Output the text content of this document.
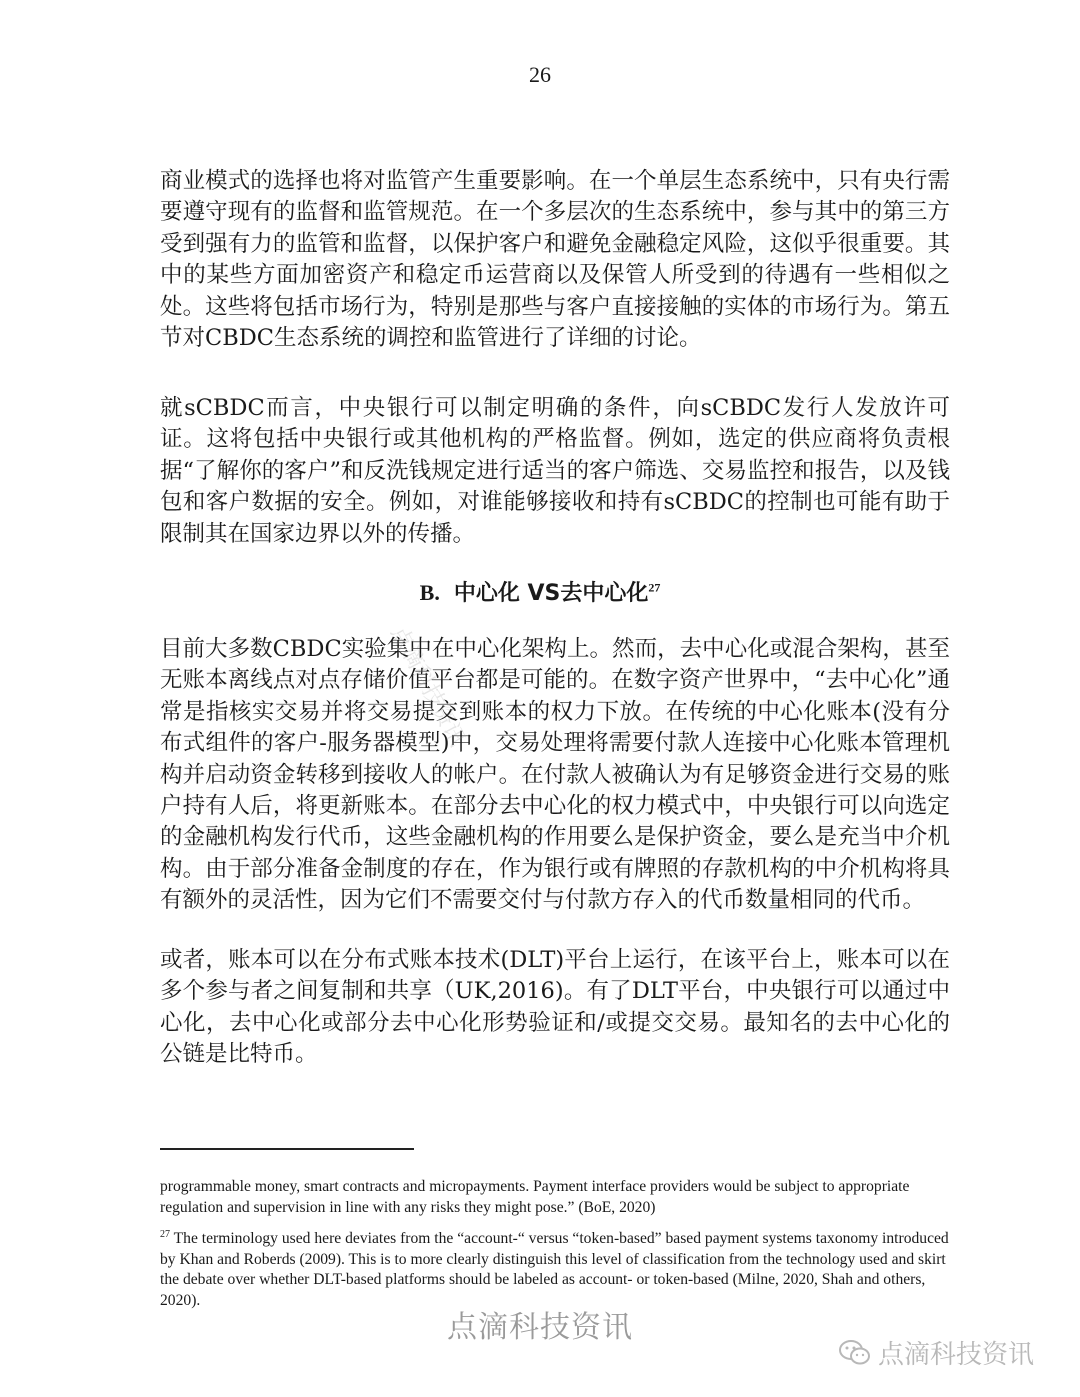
26

商业模式的选择也将对监管产生重要影响。在一个单层生态系统中，只有央行需要遵守现有的监督和监管规范。在一个多层次的生态系统中，参与其中的第三方受到强有力的监管和监督，以保护客户和避免金融稳定风险，这似乎很重要。其中的某些方面加密资产和稳定币运营商以及保管人所受到的待遇有一些相似之处。这些将包括市场行为，特别是那些与客户直接接触的实体的市场行为。第五节对CBDC生态系统的调控和监管进行了详细的讨论。

就sCBDC而言，中央银行可以制定明确的条件，向sCBDC发行人发放许可证。这将包括中央银行或其他机构的严格监督。例如，选定的供应商将负责根据“了解你的客户”和反洗钱规定进行适当的客户筛选、交易监控和报告，以及钱包和客户数据的安全。例如，对谁能够接收和持有sCBDC的控制也可能有助于限制其在国家边界以外的传播。

B. 中心化 VS去中心化$^{27}$

目前大多数CBDC实验集中在中心化架构上。然而，去中心化或混合架构，甚至无账本离线点对点存储价值平台都是可能的。在数字资产世界中，“去中心化”通常是指核实交易并将交易提交到账本的权力下放。在传统的中心化账本(没有分布式组件的客户-服务器模型)中，交易处理将需要付款人连接中心化账本管理机构并启动资金转移到接收人的帐户。在付款人被确认为有足够资金进行交易的账户持有人后，将更新账本。在部分去中心化的权力模式中，中央银行可以向选定的金融机构发行代币，这些金融机构的作用要么是保护资金，要么是充当中介机构。由于部分准备金制度的存在，作为银行或有牌照的存款机构的中介机构将具有额外的灵活性，因为它们不需要交付与付款方存入的代币数量相同的代币。

或者，账本可以在分布式账本技术(DLT)平台上运行，在该平台上，账本可以在多个参与者之间复制和共享（UK,2016)。有了DLT平台，中央银行可以通过中心化，去中心化或部分去中心化形势验证和/或提交交易。最知名的去中心化的公链是比特币。

点滴科技资讯

programmable money, smart contracts and micropayments. Payment interface providers would be subject to appropriate regulation and supervision in line with any risks they might pose.” (BoE, 2020)

$^{27}$ The terminology used here deviates from the “account-“ versus “token-based” based payment systems taxonomy introduced by Khan and Roberds (2009). This is to more clearly distinguish this level of classification from the technology used and skirt the debate over whether DLT-based platforms should be labeled as account- or token-based (Milne, 2020, Shah and others, 2020).

点滴科技资讯
点滴科技资讯
